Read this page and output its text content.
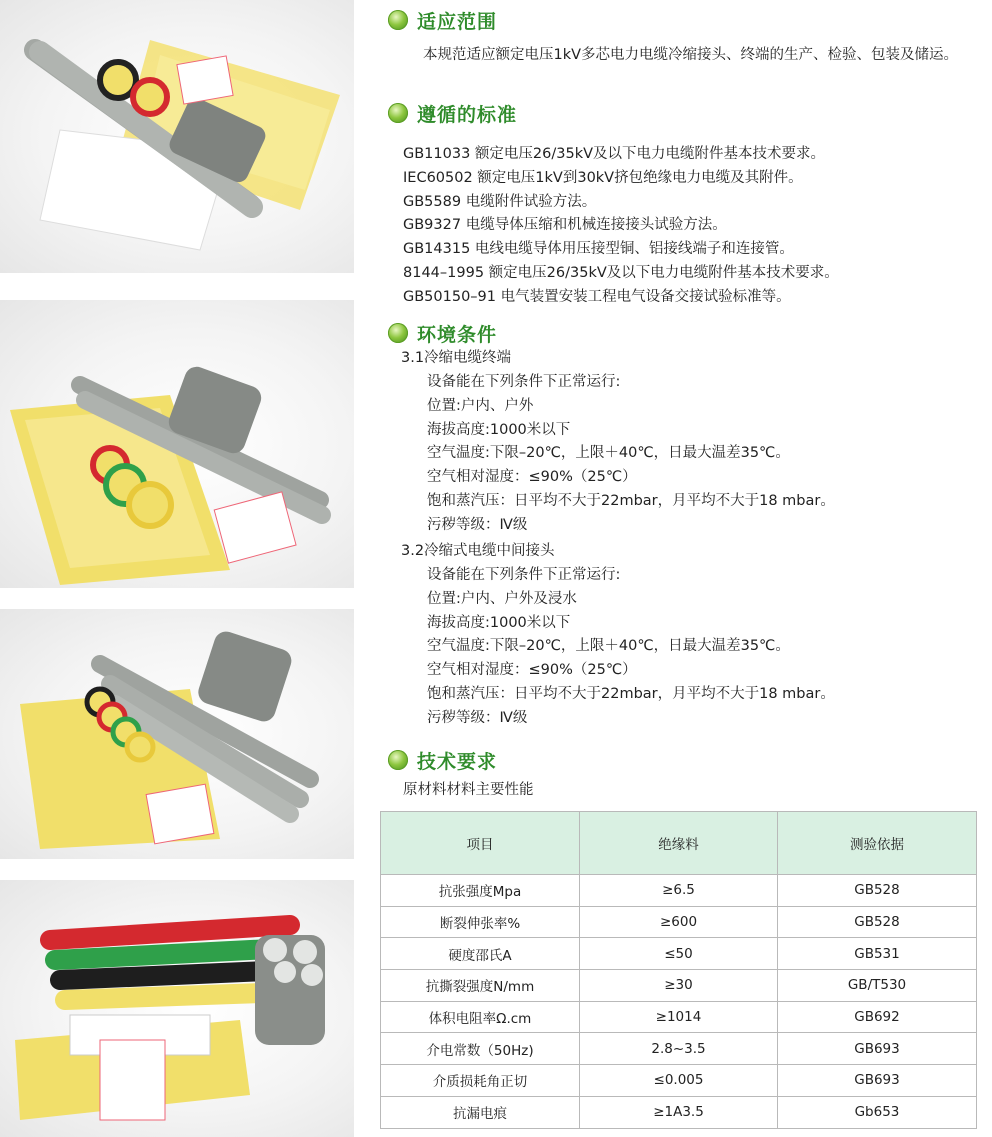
适应范围
本规范适应额定电压1kV多芯电力电缆冷缩接头、终端的生产、检验、包装及储运。
遵循的标准
GB11033 额定电压26/35kV及以下电力电缆附件基本技术要求。
IEC60502 额定电压1kV到30kV挤包绝缘电力电缆及其附件。
GB5589 电缆附件试验方法。
GB9327 电缆导体压缩和机械连接接头试验方法。
GB14315 电线电缆导体用压接型铜、铝接线端子和连接管。
8144–1995 额定电压26/35kV及以下电力电缆附件基本技术要求。
GB50150–91 电气装置安装工程电气设备交接试验标准等。
环境条件
3.1冷缩电缆终端
设备能在下列条件下正常运行:
位置:户内、户外
海拔高度:1000米以下
空气温度:下限–20℃，上限＋40℃，日最大温差35℃。
空气相对湿度：≤90%（25℃）
饱和蒸汽压：日平均不大于22mbar，月平均不大于18 mbar。
污秽等级：Ⅳ级
3.2冷缩式电缆中间接头
设备能在下列条件下正常运行:
位置:户内、户外及浸水
海拔高度:1000米以下
空气温度:下限–20℃，上限＋40℃，日最大温差35℃。
空气相对湿度：≤90%（25℃）
饱和蒸汽压：日平均不大于22mbar，月平均不大于18 mbar。
污秽等级：Ⅳ级
技术要求
原材料材料主要性能
项目	绝缘料	测验依据
抗张强度Mpa	≥6.5	GB528
断裂伸张率%	≥600	GB528
硬度邵氏A	≤50	GB531
抗撕裂强度N/mm	≥30	GB/T530
体积电阻率Ω.cm	≥1014	GB692
介电常数（50Hz)	2.8~3.5	GB693
介质损耗角正切	≤0.005	GB693
抗漏电痕	≥1A3.5	Gb653
